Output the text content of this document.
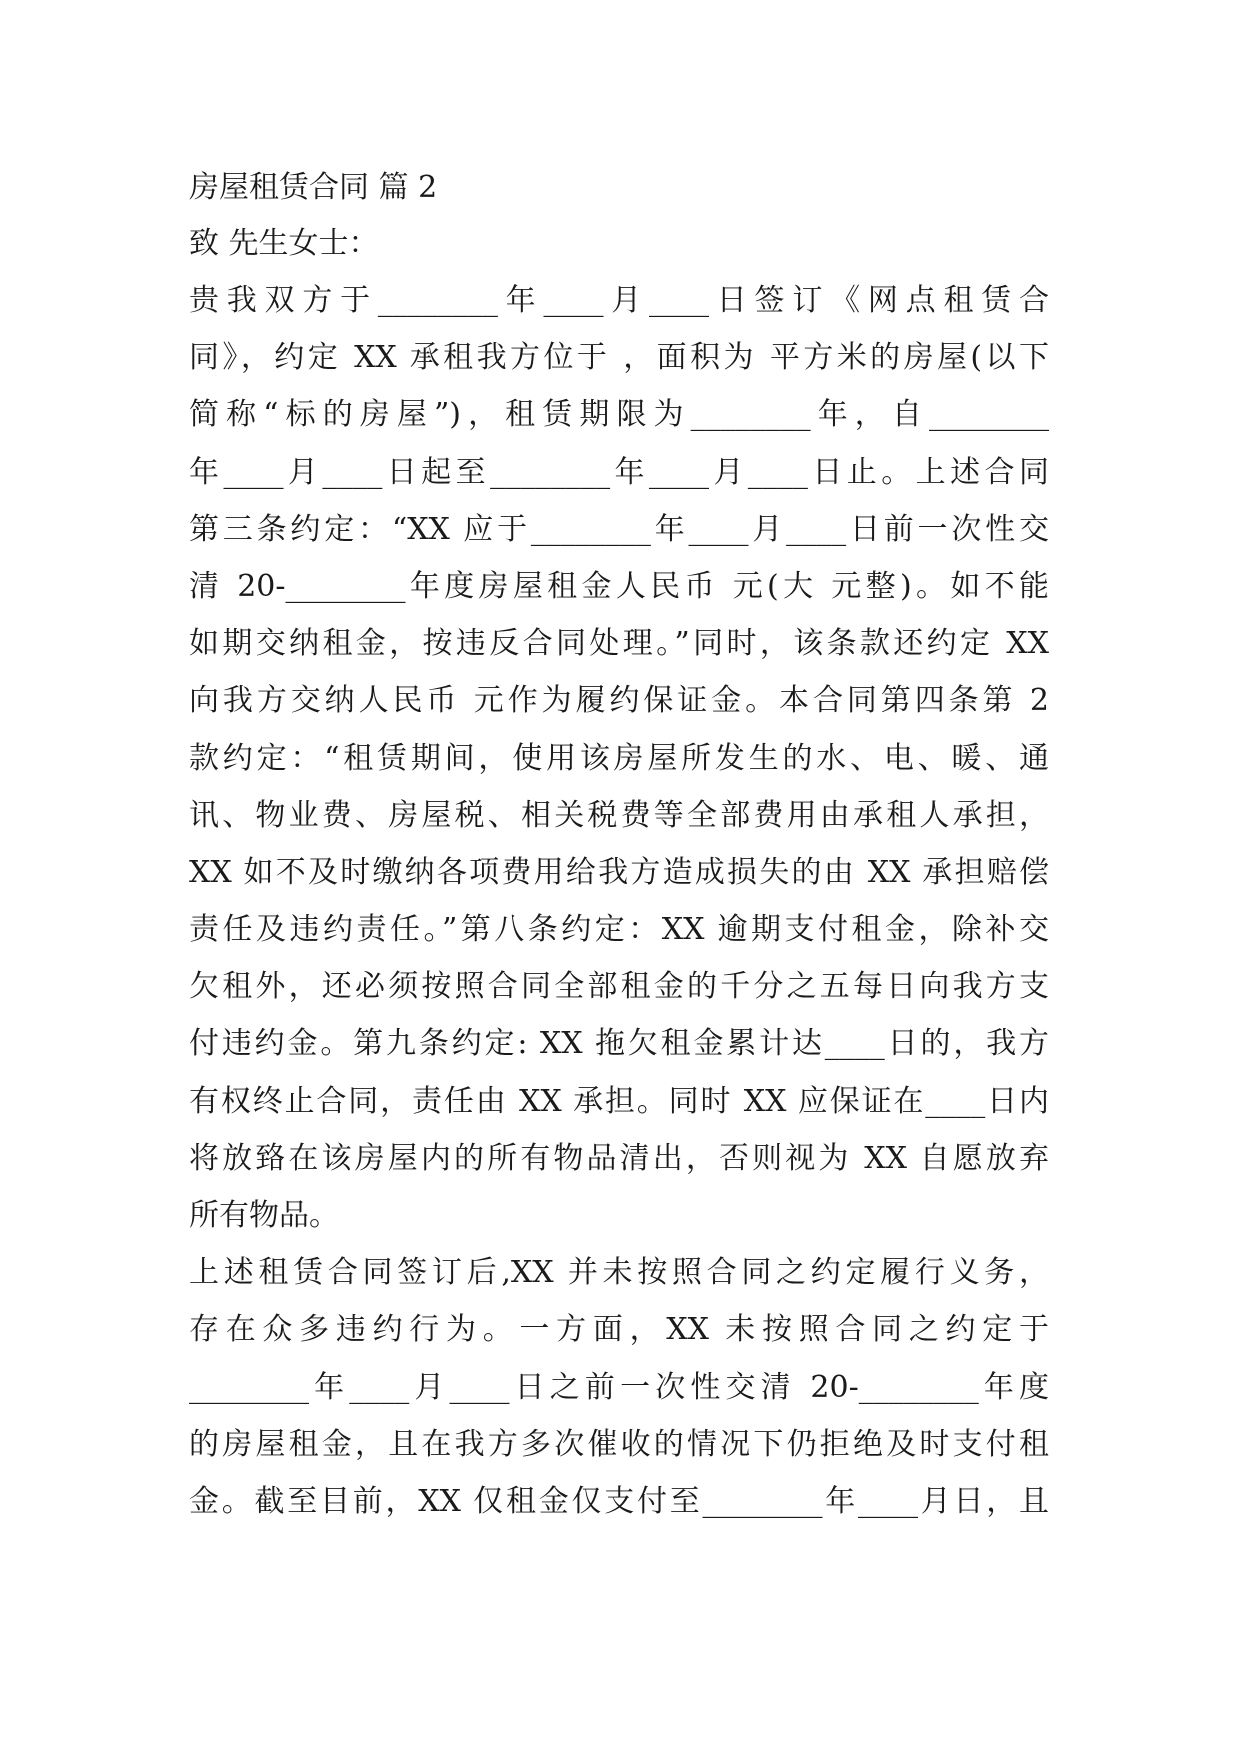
房屋租赁合同 篇 2
致 先生女士：
贵我双方于________年____月____日签订《网点租赁合
同》，约定 XX 承租我方位于 ，面积为 平方米的房屋(以下
简称“标的房屋”)，租赁期限为________年，自________
年____月____日起至________年____月____日止。上述合同
第三条约定：“XX 应于________年____月____日前一次性交
清 20-________年度房屋租金人民币 元(大 元整)。如不能
如期交纳租金，按违反合同处理。”同时，该条款还约定 XX
向我方交纳人民币 元作为履约保证金。本合同第四条第 2
款约定：“租赁期间，使用该房屋所发生的水、电、暖、通
讯、物业费、房屋税、相关税费等全部费用由承租人承担，
XX 如不及时缴纳各项费用给我方造成损失的由 XX 承担赔偿
责任及违约责任。”第八条约定：XX 逾期支付租金，除补交
欠租外，还必须按照合同全部租金的千分之五每日向我方支
付违约金。第九条约定: XX 拖欠租金累计达____日的，我方
有权终止合同，责任由 XX 承担。同时 XX 应保证在____日内
将放臵在该房屋内的所有物品清出，否则视为 XX 自愿放弃
所有物品。
上述租赁合同签订后,XX 并未按照合同之约定履行义务，
存在众多违约行为。一方面，XX 未按照合同之约定于
________年____月____日之前一次性交清 20-________年度
的房屋租金，且在我方多次催收的情况下仍拒绝及时支付租
金。截至目前，XX 仅租金仅支付至________年____月日，且
